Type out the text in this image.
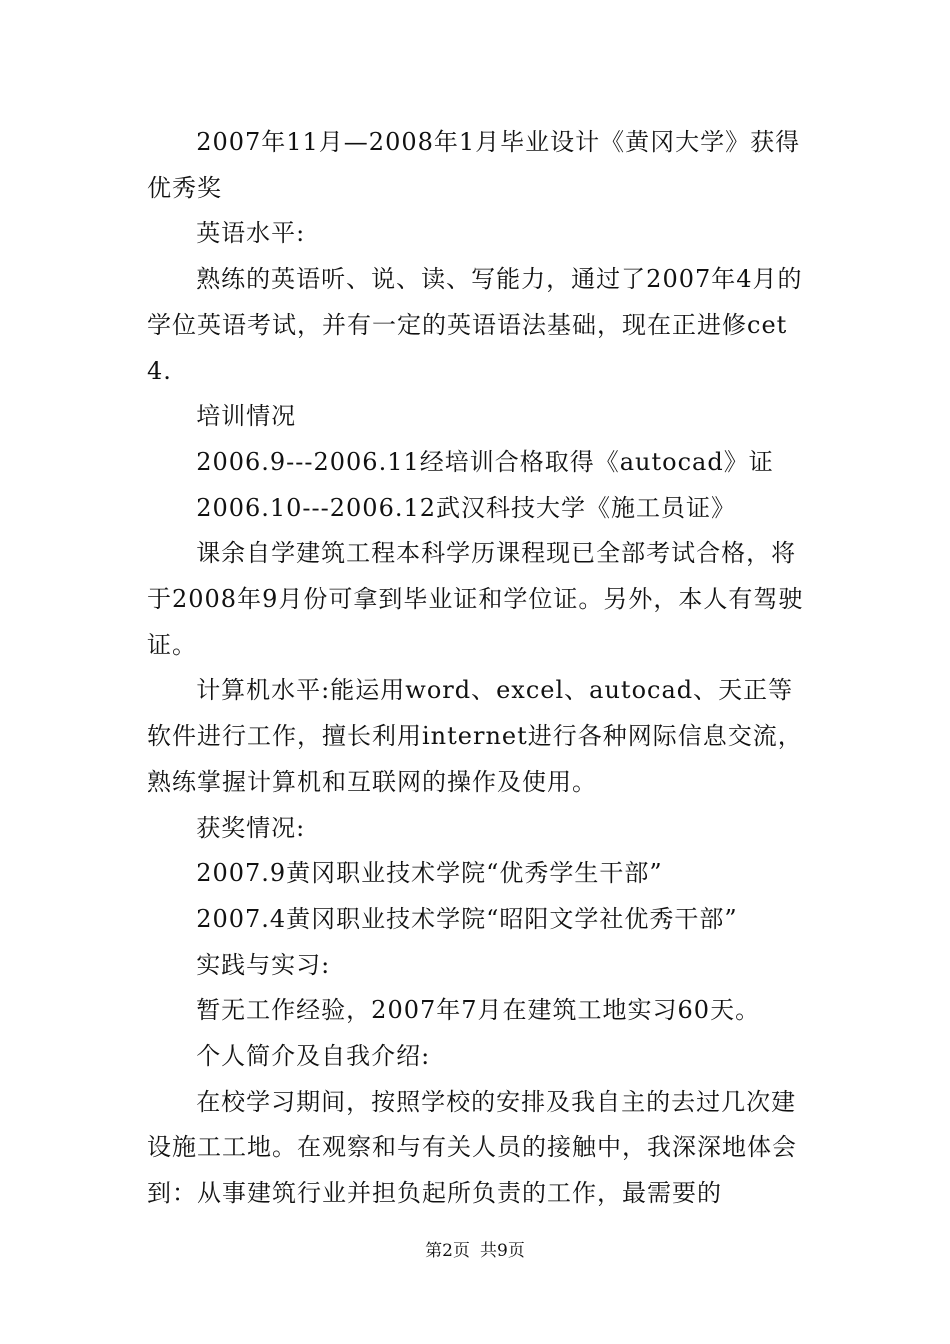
2007年11月—2008年1月毕业设计《黄冈大学》获得优秀奖

英语水平:

熟练的英语听、说、读、写能力，通过了2007年4月的学位英语考试，并有一定的英语语法基础，现在正进修cet4.

培训情况

2006.9---2006.11经培训合格取得《autocad》证

2006.10---2006.12武汉科技大学《施工员证》

课余自学建筑工程本科学历课程现已全部考试合格，将于2008年9月份可拿到毕业证和学位证。另外，本人有驾驶证。

计算机水平:能运用word、excel、autocad、天正等软件进行工作，擅长利用internet进行各种网际信息交流，熟练掌握计算机和互联网的操作及使用。

获奖情况:

2007.9黄冈职业技术学院“优秀学生干部”

2007.4黄冈职业技术学院“昭阳文学社优秀干部”

实践与实习:

暂无工作经验，2007年7月在建筑工地实习60天。

个人简介及自我介绍:

在校学习期间，按照学校的安排及我自主的去过几次建设施工工地。在观察和与有关人员的接触中，我深深地体会到：从事建筑行业并担负起所负责的工作，最需要的

第2页 共9页
